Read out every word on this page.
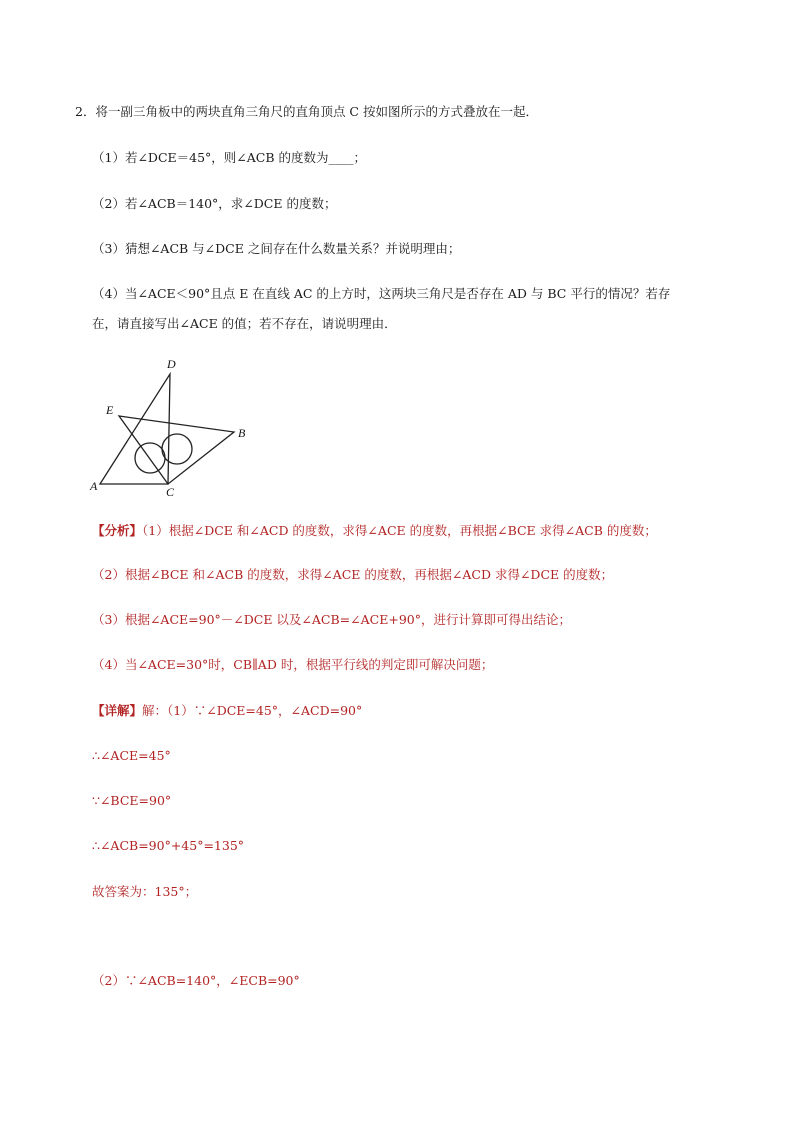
2．将一副三角板中的两块直角三角尺的直角顶点 C 按如图所示的方式叠放在一起．
（1）若∠DCE＝45°，则∠ACB 的度数为____；
（2）若∠ACB＝140°，求∠DCE 的度数；
（3）猜想∠ACB 与∠DCE 之间存在什么数量关系？并说明理由；
（4）当∠ACE＜90°且点 E 在直线 AC 的上方时，这两块三角尺是否存在 AD 与 BC 平行的情况？若存
在，请直接写出∠ACE 的值；若不存在，请说明理由．
D
E
B
A	C
【分析】（1）根据∠DCE 和∠ACD 的度数，求得∠ACE 的度数，再根据∠BCE 求得∠ACB 的度数；
（2）根据∠BCE 和∠ACB 的度数，求得∠ACE 的度数，再根据∠ACD 求得∠DCE 的度数；
（3）根据∠ACE=90°－∠DCE 以及∠ACB=∠ACE+90°，进行计算即可得出结论；
（4）当∠ACE=30°时，CB∥AD 时，根据平行线的判定即可解决问题；
【详解】解：（1）∵∠DCE=45°，∠ACD=90°
∴∠ACE=45°
∵∠BCE=90°
∴∠ACB=90°+45°=135°
故答案为：135°；
（2）∵∠ACB=140°，∠ECB=90°
